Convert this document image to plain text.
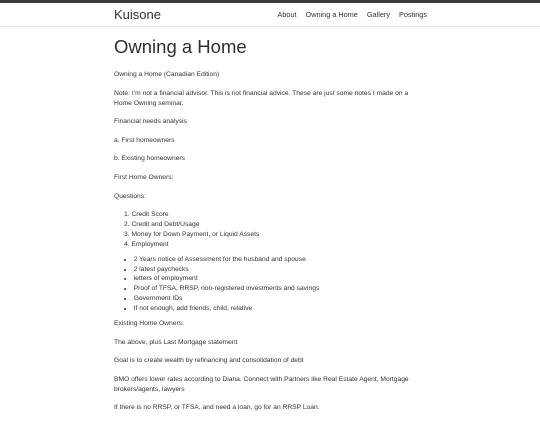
Kuisone	About Owning a Home Gallery Postings
Owning a Home

Owning a Home (Canadian Edition)

Note: I’m not a financial advisor. This is not financial advice. These are just some notes I made on a Home Owning seminar.

Financial needs analysis

a. First homeowners

b. Existing homeowners

First Home Owners:

Questions:

1. Credit Score
2. Credit and Debt/Usage
3. Money for Down Payment, or Liquid Assets
4. Employment
• 2 Years notice of Assessment for the husband and spouse
• 2 latest paychecks
• letters of employment
• Proof of TFSA, RRSP, non-registered investments and savings
• Government IDs
• If not enough, add friends, child, relative

Existing Home Owners:

The above, plus Last Mortgage statement

Goal is to create wealth by refinancing and consolidation of debt

BMO offers lower rates according to Diana. Connect with Partners like Real Estate Agent, Mortgage brokers/agents, lawyers

If there is no RRSP, or TFSA, and need a loan, go for an RRSP Loan.
